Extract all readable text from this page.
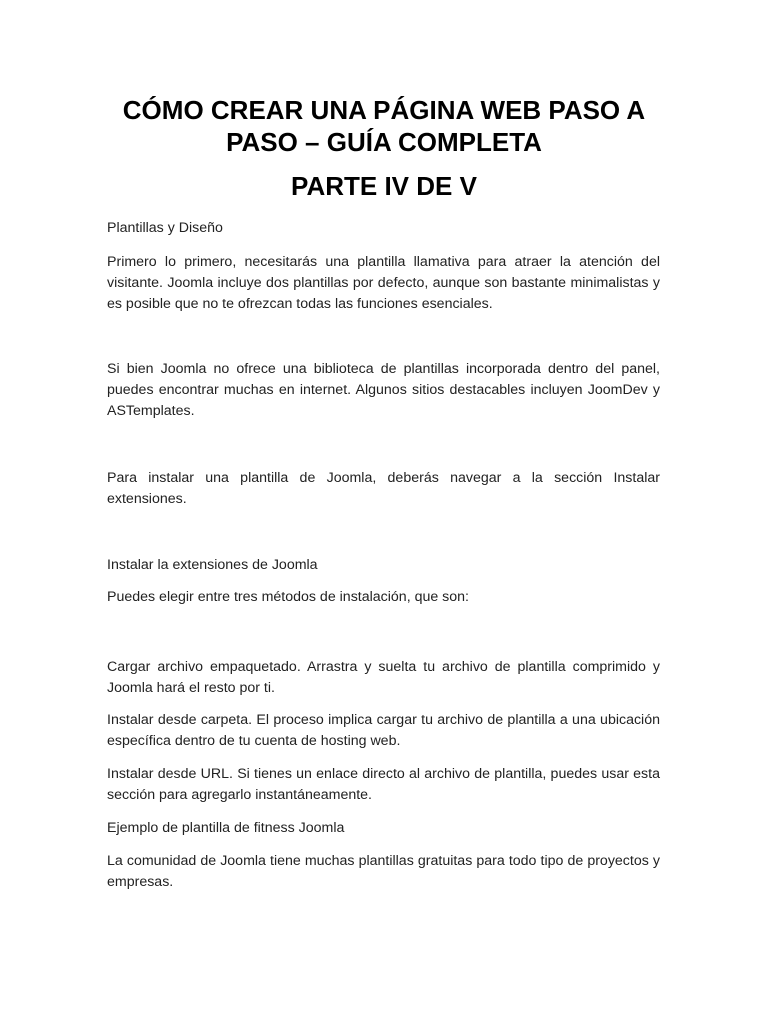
CÓMO CREAR UNA PÁGINA WEB PASO A PASO – GUÍA COMPLETA
PARTE IV DE V

Plantillas y Diseño

Primero lo primero, necesitarás una plantilla llamativa para atraer la atención del visitante. Joomla incluye dos plantillas por defecto, aunque son bastante minimalistas y es posible que no te ofrezcan todas las funciones esenciales.

Si bien Joomla no ofrece una biblioteca de plantillas incorporada dentro del panel, puedes encontrar muchas en internet. Algunos sitios destacables incluyen JoomDev y ASTemplates.

Para instalar una plantilla de Joomla, deberás navegar a la sección Instalar extensiones.

Instalar la extensiones de Joomla

Puedes elegir entre tres métodos de instalación, que son:

Cargar archivo empaquetado. Arrastra y suelta tu archivo de plantilla comprimido y Joomla hará el resto por ti.

Instalar desde carpeta. El proceso implica cargar tu archivo de plantilla a una ubicación específica dentro de tu cuenta de hosting web.

Instalar desde URL. Si tienes un enlace directo al archivo de plantilla, puedes usar esta sección para agregarlo instantáneamente.

Ejemplo de plantilla de fitness Joomla

La comunidad de Joomla tiene muchas plantillas gratuitas para todo tipo de proyectos y empresas.
